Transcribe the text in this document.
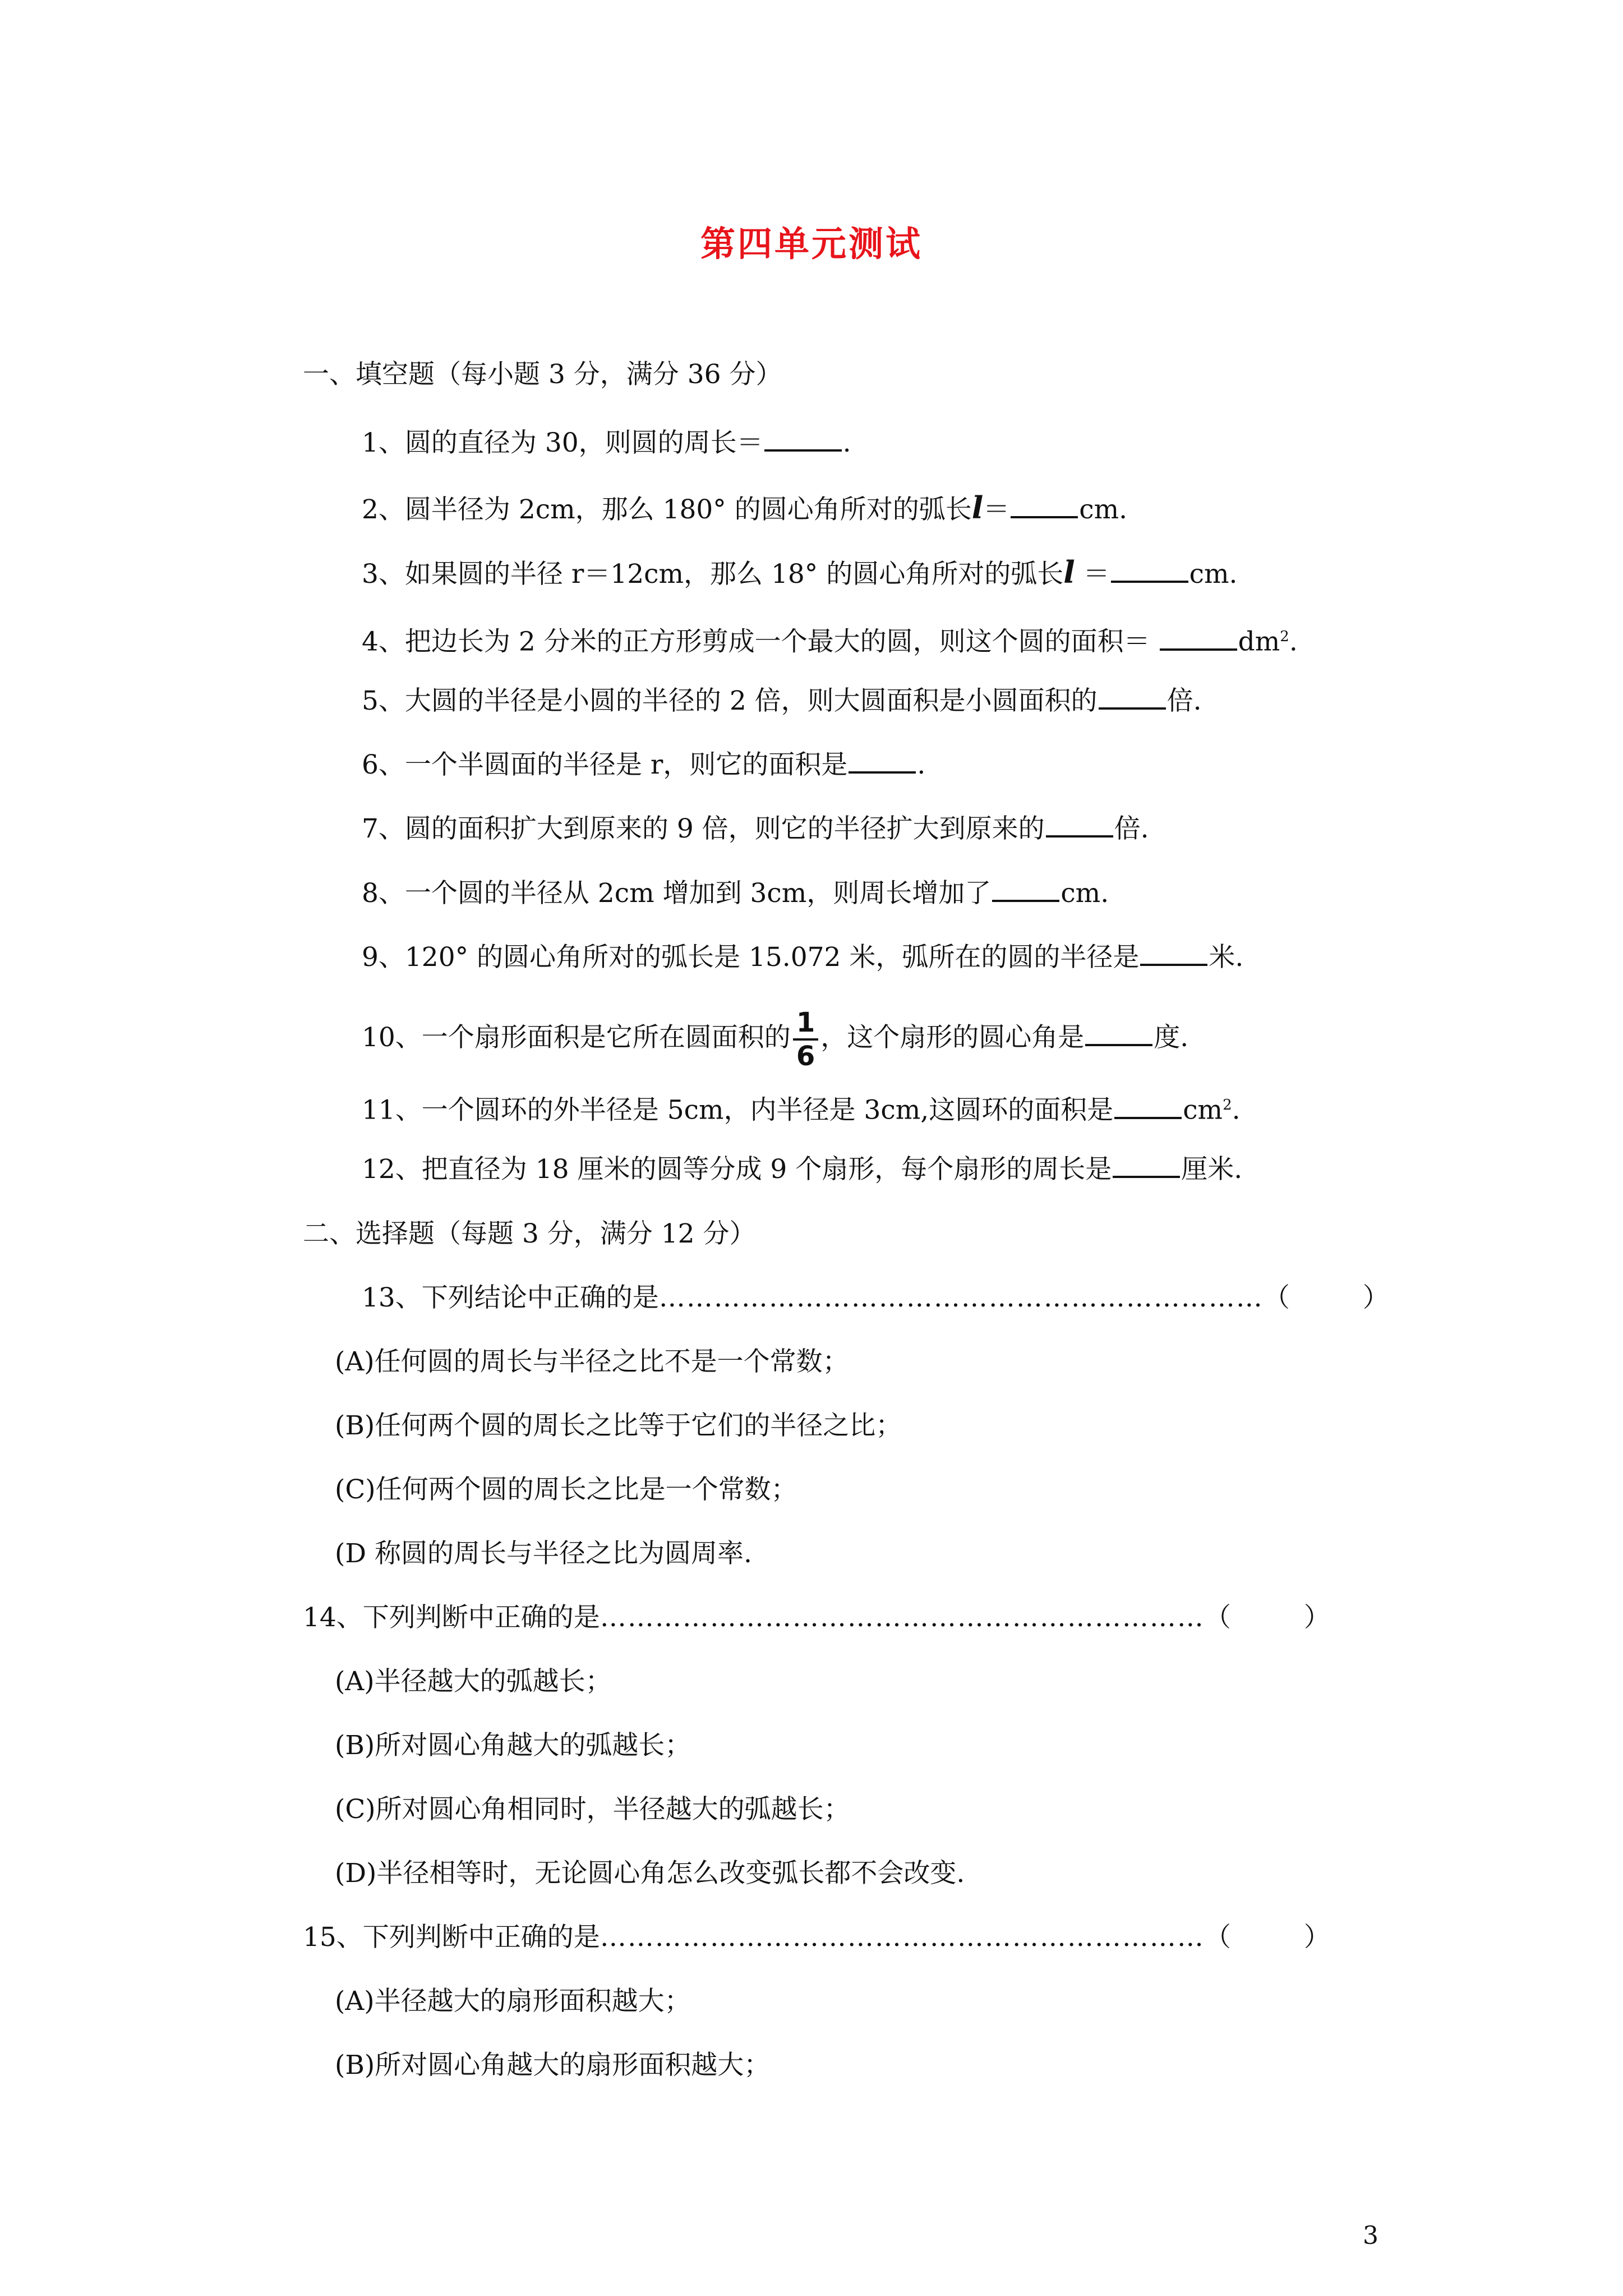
第四单元测试
一、填空题（每小题 3 分，满分 36 分）
1、圆的直径为 30，则圆的周长＝	.
2、圆半径为 2cm，那么 180° 的圆心角所对的弧长l＝	cm.
3、如果圆的半径 r＝12cm，那么 18° 的圆心角所对的弧长l ＝	cm.
4、把边长为 2 分米的正方形剪成一个最大的圆，则这个圆的面积＝	$dm^2$.
5、大圆的半径是小圆的半径的 2 倍，则大圆面积是小圆面积的	倍.
6、一个半圆面的半径是 r，则它的面积是	.
7、圆的面积扩大到原来的 9 倍，则它的半径扩大到原来的	倍.
8、一个圆的半径从 2cm 增加到 3cm，则周长增加了	cm.
9、120° 的圆心角所对的弧长是 15.072 米，弧所在的圆的半径是	米.
10、一个扇形面积是它所在圆面积的 $\frac{1}{6}$ ，这个扇形的圆心角是	度.
11、一个圆环的外半径是 5cm，内半径是 3cm,这圆环的面积是	$cm^2$.
12、把直径为 18 厘米的圆等分成 9 个扇形，每个扇形的周长是	厘米.
二、选择题（每题 3 分，满分 12 分）
13、下列结论中正确的是…………………………………………………………（	）
(A)任何圆的周长与半径之比不是一个常数；
(B)任何两个圆的周长之比等于它们的半径之比；
(C)任何两个圆的周长之比是一个常数；
(D 称圆的周长与半径之比为圆周率.
14、下列判断中正确的是…………………………………………………………（	）
(A)半径越大的弧越长；
(B)所对圆心角越大的弧越长；
(C)所对圆心角相同时，半径越大的弧越长；
(D)半径相等时，无论圆心角怎么改变弧长都不会改变.
15、下列判断中正确的是…………………………………………………………（	）
(A)半径越大的扇形面积越大；
(B)所对圆心角越大的扇形面积越大；
3
